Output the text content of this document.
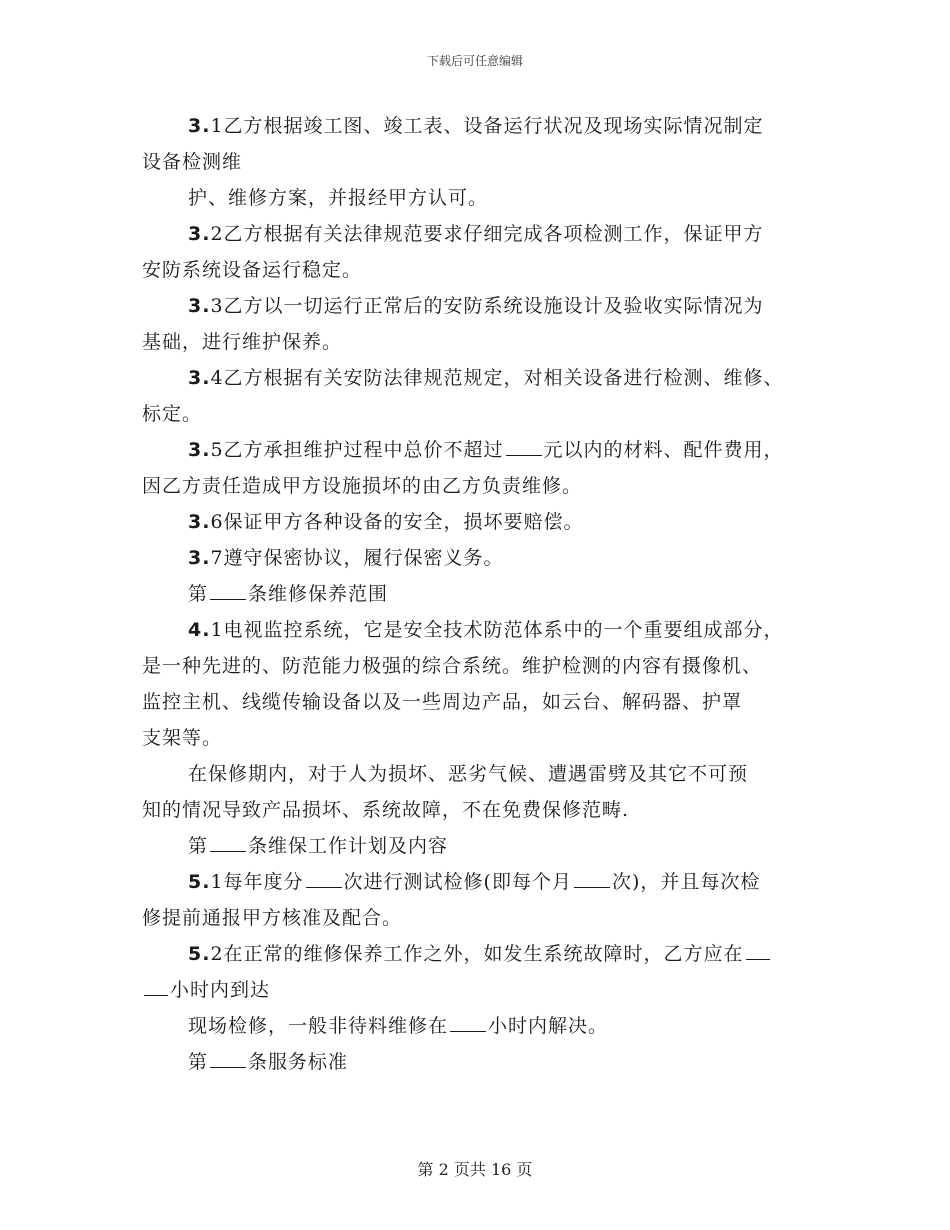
下载后可任意编辑

3.1乙方根据竣工图、竣工表、设备运行状况及现场实际情况制定

设备检测维

护、维修方案，并报经甲方认可。

3.2乙方根据有关法律规范要求仔细完成各项检测工作，保证甲方

安防系统设备运行稳定。

3.3乙方以一切运行正常后的安防系统设施设计及验收实际情况为

基础，进行维护保养。

3.4乙方根据有关安防法律规范规定，对相关设备进行检测、维修、

标定。

3.5乙方承担维护过程中总价不超过 元以内的材料、配件费用，

因乙方责任造成甲方设施损坏的由乙方负责维修。

3.6保证甲方各种设备的安全，损坏要赔偿。

3.7遵守保密协议，履行保密义务。

第 条维修保养范围

4.1电视监控系统，它是安全技术防范体系中的一个重要组成部分，

是一种先进的、防范能力极强的综合系统。维护检测的内容有摄像机、

监控主机、线缆传输设备以及一些周边产品，如云台、解码器、护罩

支架等。

在保修期内，对于人为损坏、恶劣气候、遭遇雷劈及其它不可预

知的情况导致产品损坏、系统故障，不在免费保修范畴.

第 条维保工作计划及内容

5.1每年度分 次进行测试检修(即每个月 次)，并且每次检

修提前通报甲方核准及配合。

5.2在正常的维修保养工作之外，如发生系统故障时，乙方应在

小时内到达

现场检修，一般非待料维修在 小时内解决。

第 条服务标准

第 2 页共 16 页
